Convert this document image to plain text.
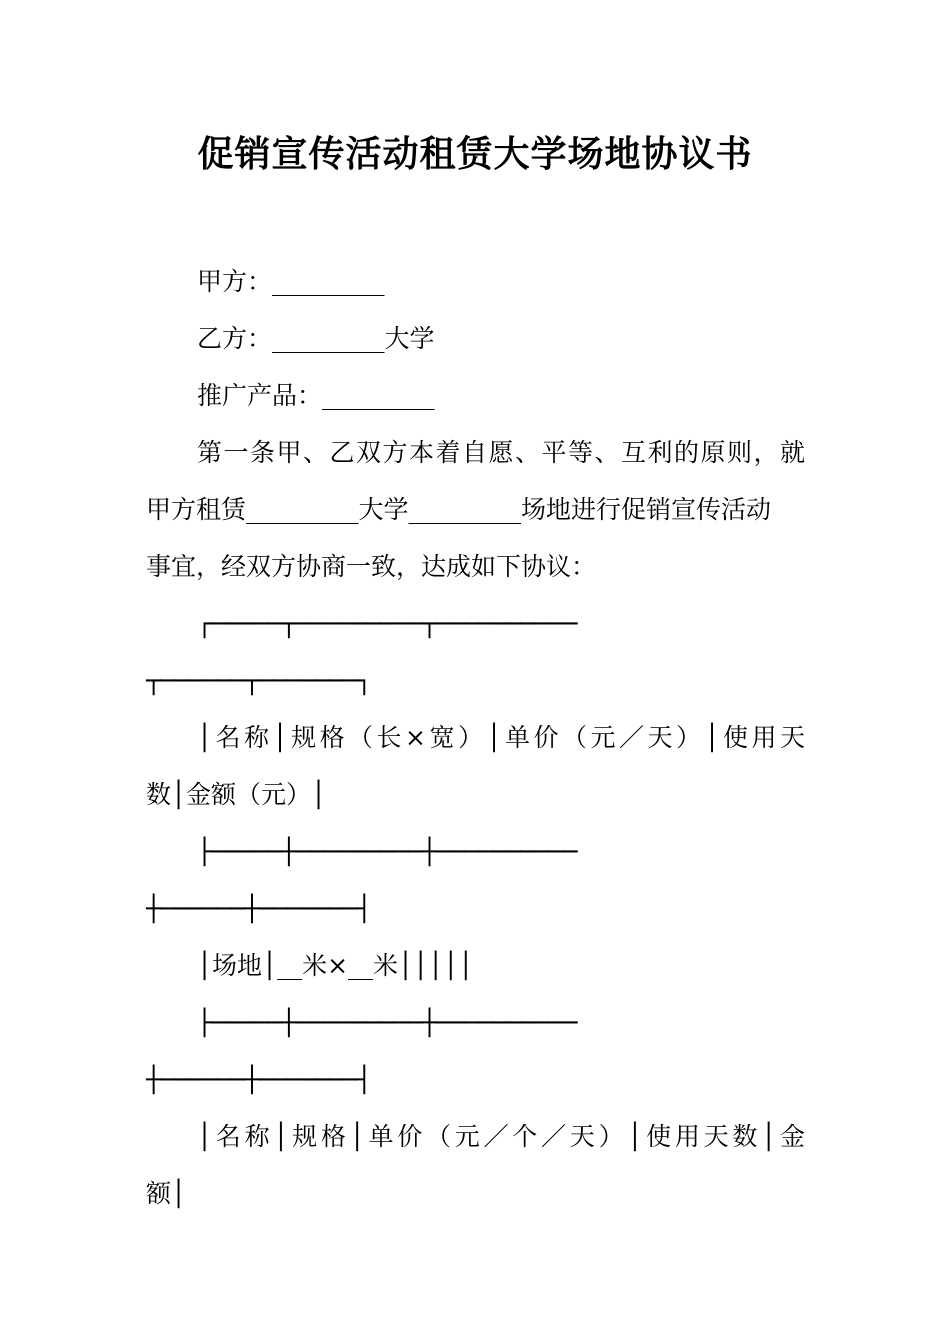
促销宣传活动租赁大学场地协议书
甲方：_________
乙方：_________大学
推广产品：_________
第一条甲、乙双方本着自愿、平等、互利的原则，就
甲方租赁_________大学_________场地进行促销宣传活动
事宜，经双方协商一致，达成如下协议：
┌─────┬─────────┬──────────
┬──────┬───────┐
│名称│规格（长×宽）│单价（元／天）│使用天
数│金额（元）│
├─────┼─────────┼──────────
┼──────┼───────┤
│场地│__米×__米│││││
├─────┼─────────┼──────────
┼──────┼───────┤
│名称│规格│单价（元／个／天）│使用天数│金
额│
